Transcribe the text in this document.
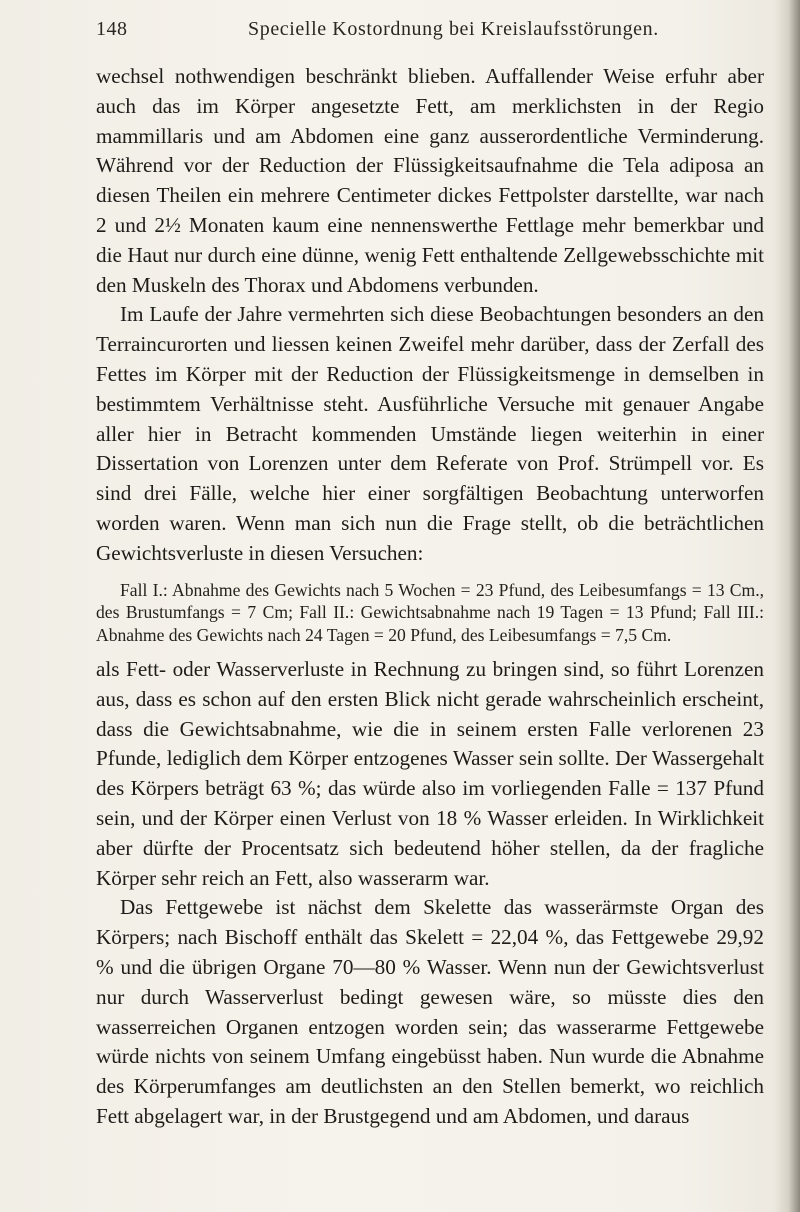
148	Specielle Kostordnung bei Kreislaufsstörungen.

wechsel nothwendigen beschränkt blieben. Auffallender Weise erfuhr aber auch das im Körper angesetzte Fett, am merklichsten in der Regio mammillaris und am Abdomen eine ganz ausserordentliche Verminderung. Während vor der Reduction der Flüssigkeitsaufnahme die Tela adiposa an diesen Theilen ein mehrere Centimeter dickes Fettpolster darstellte, war nach 2 und 2½ Monaten kaum eine nennenswerthe Fettlage mehr bemerkbar und die Haut nur durch eine dünne, wenig Fett enthaltende Zellgewebsschichte mit den Muskeln des Thorax und Abdomens verbunden.

Im Laufe der Jahre vermehrten sich diese Beobachtungen besonders an den Terraincurorten und liessen keinen Zweifel mehr darüber, dass der Zerfall des Fettes im Körper mit der Reduction der Flüssigkeitsmenge in demselben in bestimmtem Verhältnisse steht. Ausführliche Versuche mit genauer Angabe aller hier in Betracht kommenden Umstände liegen weiterhin in einer Dissertation von Lorenzen unter dem Referate von Prof. Strümpell vor. Es sind drei Fälle, welche hier einer sorgfältigen Beobachtung unterworfen worden waren. Wenn man sich nun die Frage stellt, ob die beträchtlichen Gewichtsverluste in diesen Versuchen:

Fall I.: Abnahme des Gewichts nach 5 Wochen = 23 Pfund, des Leibesumfangs = 13 Cm., des Brustumfangs = 7 Cm; Fall II.: Gewichtsabnahme nach 19 Tagen = 13 Pfund; Fall III.: Abnahme des Gewichts nach 24 Tagen = 20 Pfund, des Leibesumfangs = 7,5 Cm.

als Fett- oder Wasserverluste in Rechnung zu bringen sind, so führt Lorenzen aus, dass es schon auf den ersten Blick nicht gerade wahrscheinlich erscheint, dass die Gewichtsabnahme, wie die in seinem ersten Falle verlorenen 23 Pfunde, lediglich dem Körper entzogenes Wasser sein sollte. Der Wassergehalt des Körpers beträgt 63 %; das würde also im vorliegenden Falle = 137 Pfund sein, und der Körper einen Verlust von 18 % Wasser erleiden. In Wirklichkeit aber dürfte der Procentsatz sich bedeutend höher stellen, da der fragliche Körper sehr reich an Fett, also wasserarm war.

Das Fettgewebe ist nächst dem Skelette das wasserärmste Organ des Körpers; nach Bischoff enthält das Skelett = 22,04 %, das Fettgewebe 29,92 % und die übrigen Organe 70—80 % Wasser. Wenn nun der Gewichtsverlust nur durch Wasserverlust bedingt gewesen wäre, so müsste dies den wasserreichen Organen entzogen worden sein; das wasserarme Fettgewebe würde nichts von seinem Umfang eingebüsst haben. Nun wurde die Abnahme des Körperumfanges am deutlichsten an den Stellen bemerkt, wo reichlich Fett abgelagert war, in der Brustgegend und am Abdomen, und daraus
